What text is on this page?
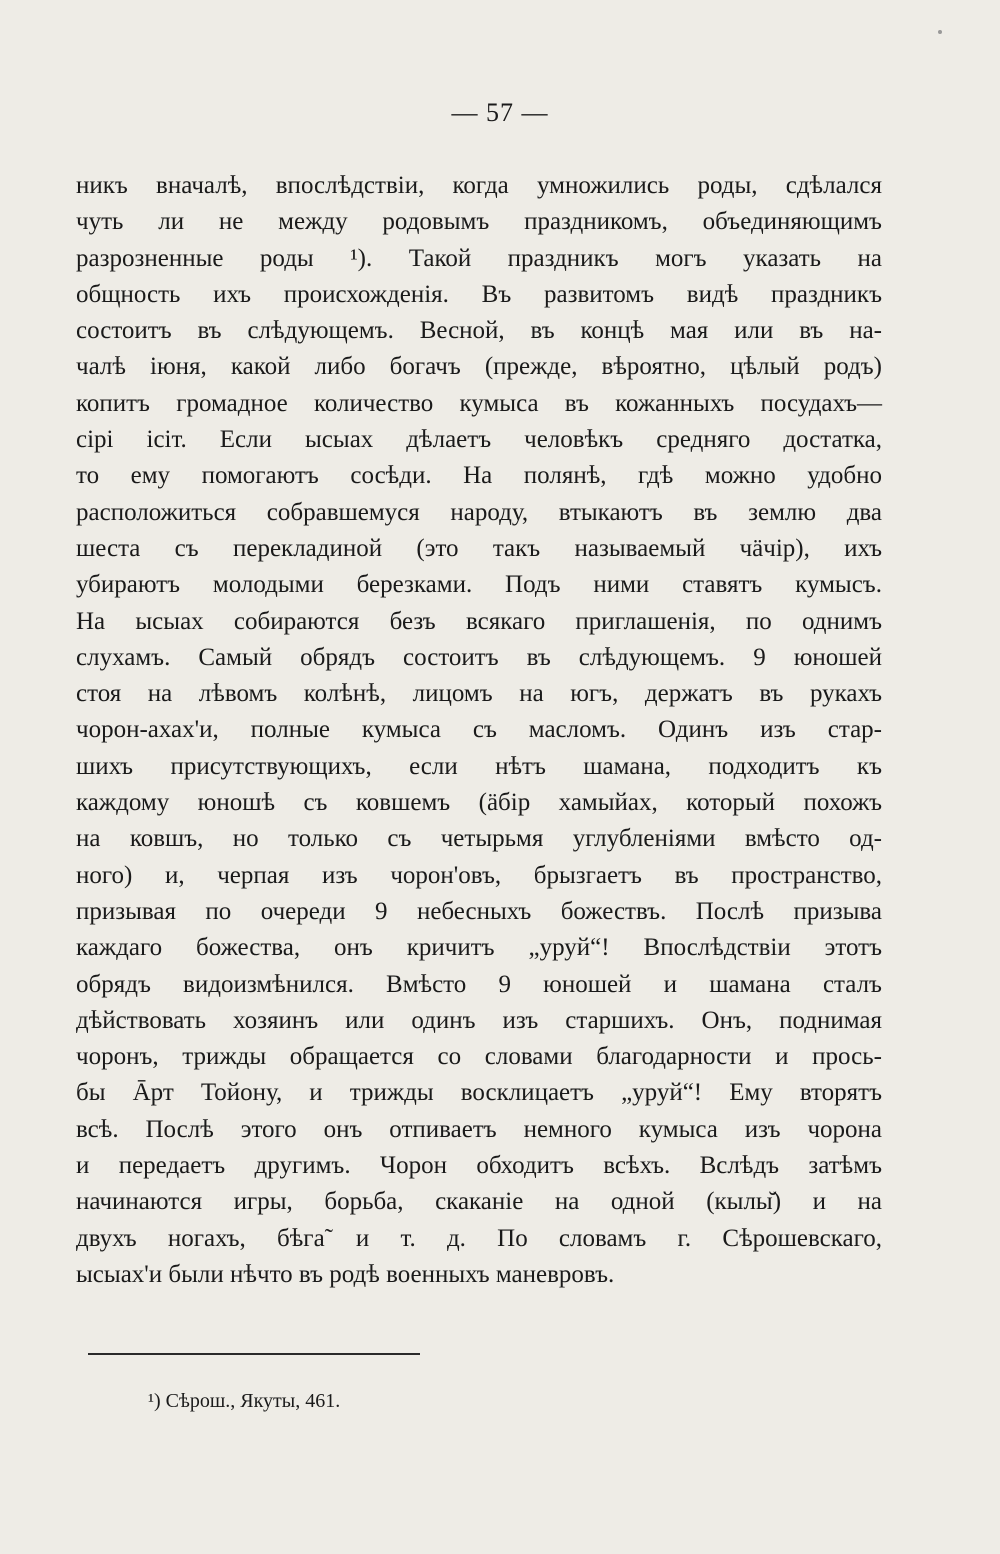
— 57 —
никъ вначалѣ, впослѣдствіи, когда умножились роды, сдѣлался
чуть ли не между родовымъ праздникомъ, объединяющимъ
разрозненные роды ¹). Такой праздникъ могъ указать на
общность ихъ происхожденія. Въ развитомъ видѣ праздникъ
состоитъ въ слѣдующемъ. Весной, въ концѣ мая или въ на-
чалѣ іюня, какой либо богачъ (прежде, вѣроятно, цѣлый родъ)
копитъ громадное количество кумыса въ кожанныхъ посудахъ—
сірі ісіт. Если ысыах дѣлаетъ человѣкъ средняго достатка,
то ему помогаютъ сосѣди. На полянѣ, гдѣ можно удобно
расположиться собравшемуся народу, втыкаютъ въ землю два
шеста съ перекладиной (это такъ называемый чäчір), ихъ
убираютъ молодыми березками. Подъ ними ставятъ кумысъ.
На ысыах собираются безъ всякаго приглашенія, по однимъ
слухамъ. Самый обрядъ состоитъ въ слѣдующемъ. 9 юношей
стоя на лѣвомъ колѣнѣ, лицомъ на югъ, держатъ въ рукахъ
чорон-ахах'и, полные кумыса съ масломъ. Одинъ изъ стар-
шихъ присутствующихъ, если нѣтъ шамана, подходитъ къ
каждому юношѣ съ ковшемъ (äбір хамыйах, который похожъ
на ковшъ, но только съ четырьмя углубленіями вмѣсто од-
ного) и, черпая изъ чорон'овъ, брызгаетъ въ пространство,
призывая по очереди 9 небесныхъ божествъ. Послѣ призыва
каждаго божества, онъ кричитъ „уруй“! Впослѣдствіи этотъ
обрядъ видоизмѣнился. Вмѣсто 9 юношей и шамана сталъ
дѣйствовать хозяинъ или одинъ изъ старшихъ. Онъ, поднимая
чоронъ, трижды обращается со словами благодарности и прось-
бы Āрт Тойону, и трижды восклицаетъ „уруй“! Ему вторятъ
всѣ. Послѣ этого онъ отпиваетъ немного кумыса изъ чорона
и передаетъ другимъ. Чорон обходитъ всѣхъ. Вслѣдъ затѣмъ
начинаются игры, борьба, скаканіе на одной (кылы̆) и на
двухъ ногахъ, бѣга̃ и т. д. По словамъ г. Сѣрошевскаго,
ысыах'и были нѣчто въ родѣ военныхъ маневровъ.
¹) Сѣрош., Якуты, 461.
